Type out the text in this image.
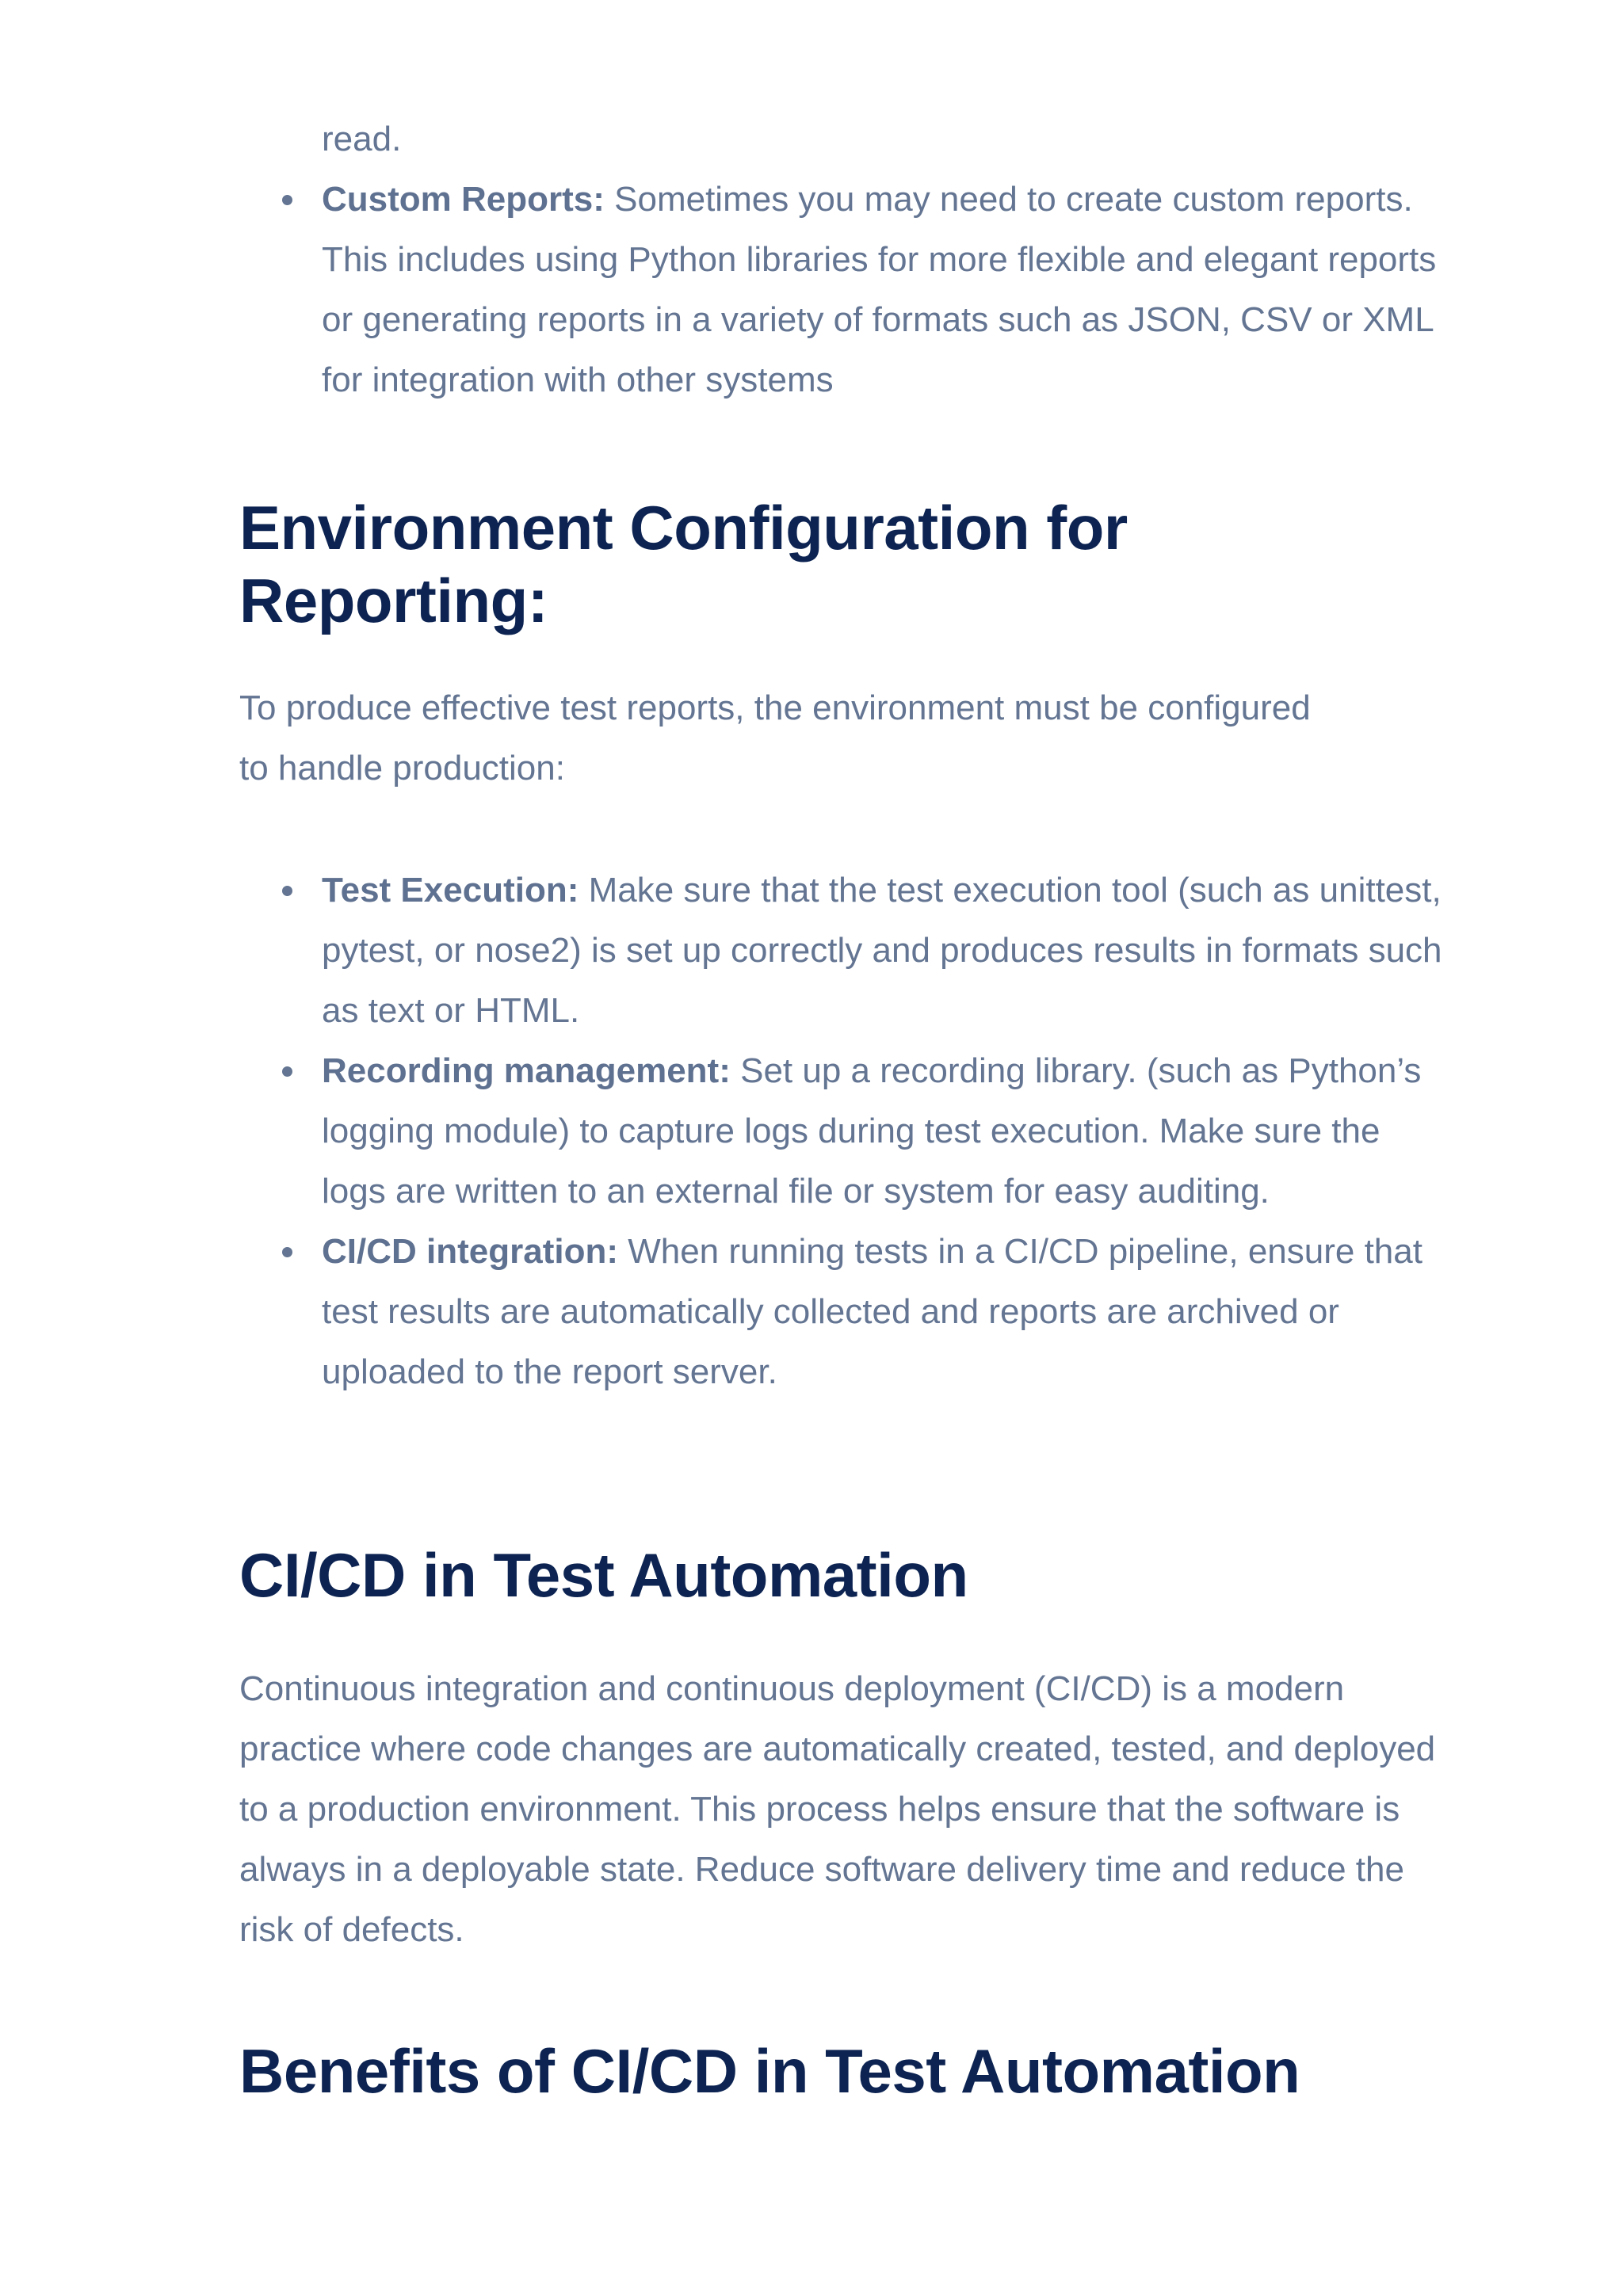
read.

Custom Reports: Sometimes you may need to create custom reports. This includes using Python libraries for more flexible and elegant reports or generating reports in a variety of formats such as JSON, CSV or XML for integration with other systems
Environment Configuration for Reporting:

To produce effective test reports, the environment must be configured to handle production:

Test Execution: Make sure that the test execution tool (such as unittest, pytest, or nose2) is set up correctly and produces results in formats such as text or HTML.
Recording management: Set up a recording library. (such as Python’s logging module) to capture logs during test execution. Make sure the logs are written to an external file or system for easy auditing.
CI/CD integration: When running tests in a CI/CD pipeline, ensure that test results are automatically collected and reports are archived or uploaded to the report server.
CI/CD in Test Automation

Continuous integration and continuous deployment (CI/CD) is a modern practice where code changes are automatically created, tested, and deployed to a production environment. This process helps ensure that the software is always in a deployable state. Reduce software delivery time and reduce the risk of defects.

Benefits of CI/CD in Test Automation
